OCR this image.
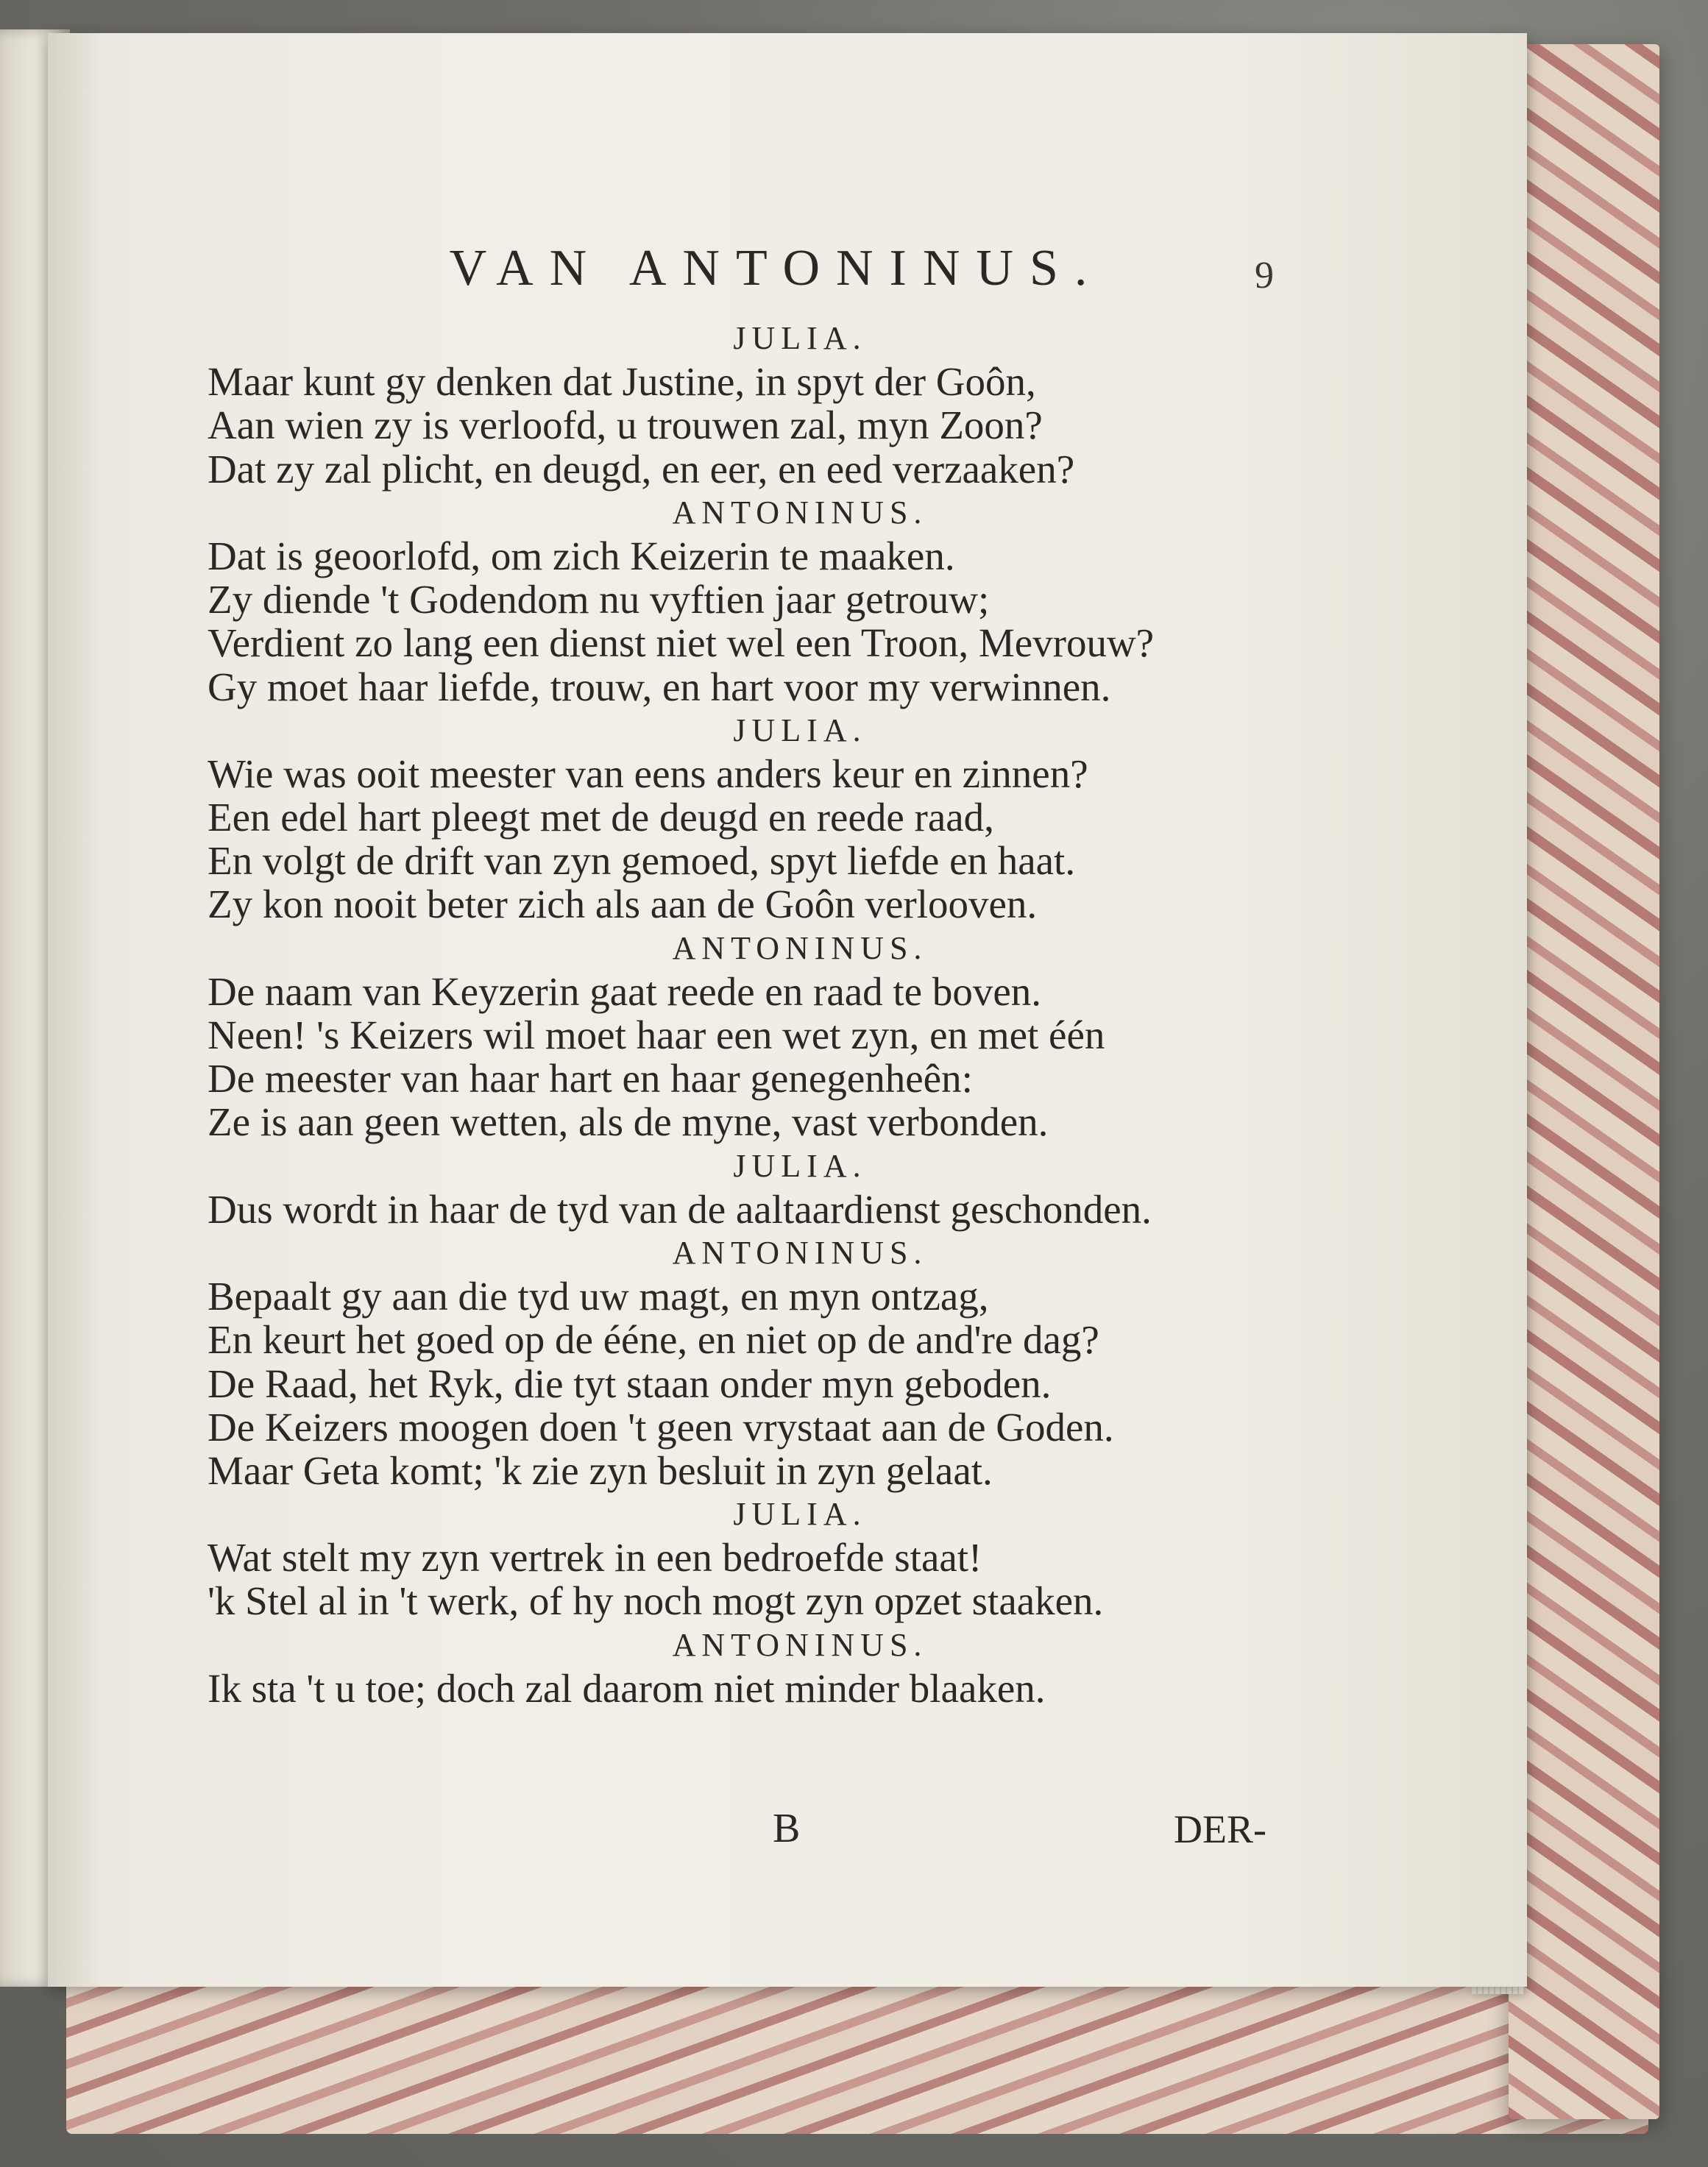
VAN ANTONINUS.	9
JULIA.
Maar kunt gy denken dat Justine, in spyt der Goôn,
Aan wien zy is verloofd, u trouwen zal, myn Zoon?
Dat zy zal plicht, en deugd, en eer, en eed verzaaken?
ANTONINUS.
Dat is geoorlofd, om zich Keizerin te maaken.
Zy diende 't Godendom nu vyftien jaar getrouw;
Verdient zo lang een dienst niet wel een Troon, Mevrouw?
Gy moet haar liefde, trouw, en hart voor my verwinnen.
JULIA.
Wie was ooit meester van eens anders keur en zinnen?
Een edel hart pleegt met de deugd en reede raad,
En volgt de drift van zyn gemoed, spyt liefde en haat.
Zy kon nooit beter zich als aan de Goôn verlooven.
ANTONINUS.
De naam van Keyzerin gaat reede en raad te boven.
Neen! 's Keizers wil moet haar een wet zyn, en met één
De meester van haar hart en haar genegenheên:
Ze is aan geen wetten, als de myne, vast verbonden.
JULIA.
Dus wordt in haar de tyd van de aaltaardienst geschonden.
ANTONINUS.
Bepaalt gy aan die tyd uw magt, en myn ontzag,
En keurt het goed op de ééne, en niet op de and're dag?
De Raad, het Ryk, die tyt staan onder myn geboden.
De Keizers moogen doen 't geen vrystaat aan de Goden.
Maar Geta komt; 'k zie zyn besluit in zyn gelaat.
JULIA.
Wat stelt my zyn vertrek in een bedroefde staat!
'k Stel al in 't werk, of hy noch mogt zyn opzet staaken.
ANTONINUS.
Ik sta 't u toe; doch zal daarom niet minder blaaken.
B	DER-
